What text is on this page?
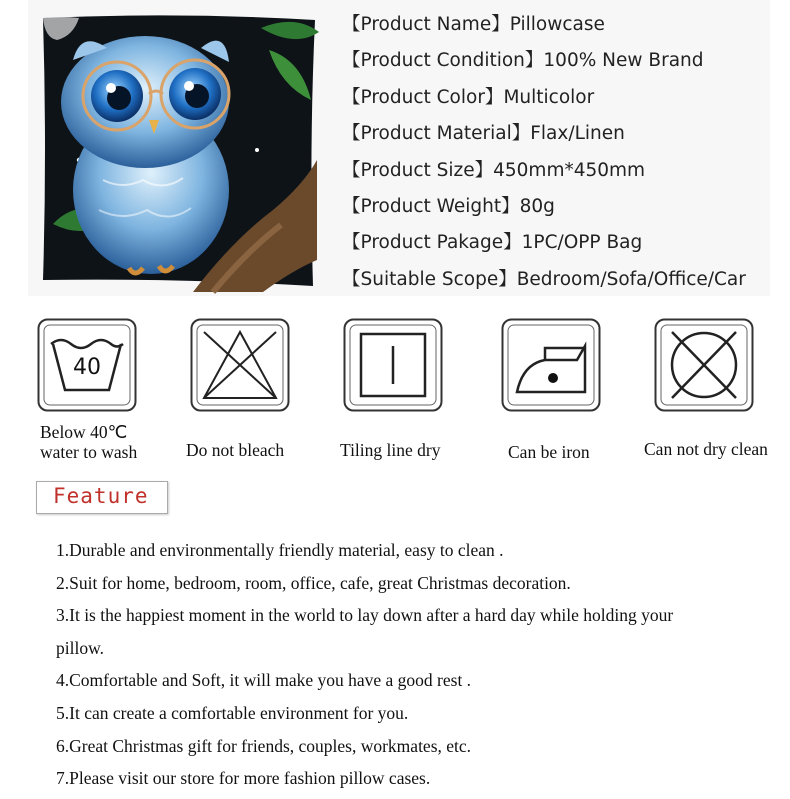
【Product Name】Pillowcase
【Product Condition】100% New Brand
【Product Color】Multicolor
【Product Material】Flax/Linen
【Product Size】450mm*450mm
【Product Weight】80g
【Product Pakage】1PC/OPP Bag
【Suitable Scope】Bedroom/Sofa/Office/Car
40
Below 40℃
water to wash	Do not bleach	Tiling line dry	Can be iron	Can not dry clean
Feature
1.Durable and environmentally friendly material, easy to clean .
2.Suit for home, bedroom, room, office, cafe, great Christmas decoration.
3.It is the happiest moment in the world to lay down after a hard day while holding your
pillow.
4.Comfortable and Soft, it will make you have a good rest .
5.It can create a comfortable environment for you.
6.Great Christmas gift for friends, couples, workmates, etc.
7.Please visit our store for more fashion pillow cases.
